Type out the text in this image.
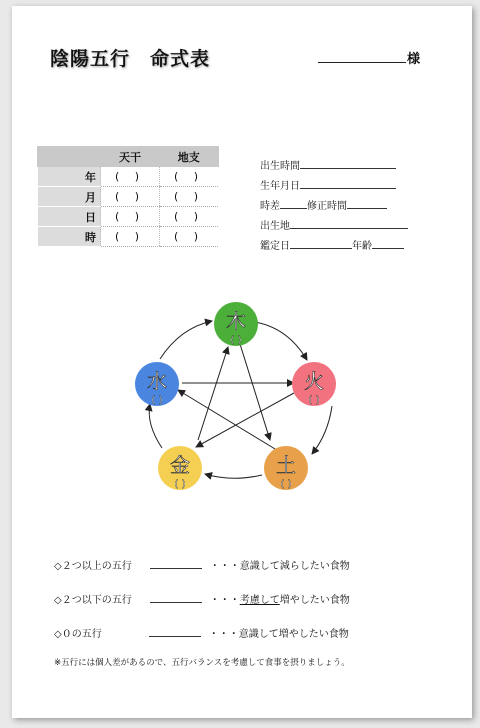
陰陽五行　命式表	様
	天干	地支
年	( )	( )
月	( )	( )
日	( )	( )
時	( )	( )
出生時間
生年月日
時差	修正時間
出生地
鑑定日	年齢
木
( )
火
( )
土
( )
金
( )
水
( )
◇２つ以上の五行	・・・意識して減らしたい食物
◇２つ以下の五行	・・・考慮して増やしたい食物
◇０の五行	・・・意識して増やしたい食物
※五行には個人差があるので、五行バランスを考慮して食事を摂りましょう。
